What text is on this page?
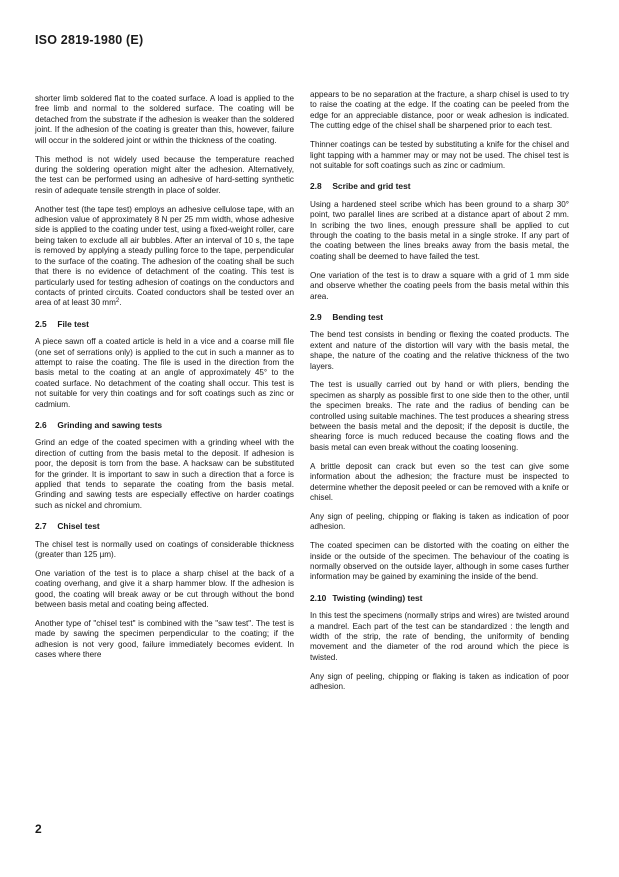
ISO 2819-1980 (E)

shorter limb soldered flat to the coated surface. A load is applied to the free limb and normal to the soldered surface. The coating will be detached from the substrate if the adhesion is weaker than the soldered joint. If the adhesion of the coating is greater than this, however, failure will occur in the soldered joint or within the thickness of the coating.

This method is not widely used because the temperature reached during the soldering operation might alter the adhesion. Alternatively, the test can be performed using an adhesive of hard-setting synthetic resin of adequate tensile strength in place of solder.

Another test (the tape test) employs an adhesive cellulose tape, with an adhesion value of approximately 8 N per 25 mm width, whose adhesive side is applied to the coating under test, using a fixed-weight roller, care being taken to exclude all air bubbles. After an interval of 10 s, the tape is removed by applying a steady pulling force to the tape, perpendicular to the surface of the coating. The adhesion of the coating shall be such that there is no evidence of detachment of the coating. This test is particularly used for testing adhesion of coatings on the conductors and contacts of printed circuits. Coated conductors shall be tested over an area of at least 30 $mm^2$.

2.5 File test

A piece sawn off a coated article is held in a vice and a coarse mill file (one set of serrations only) is applied to the cut in such a manner as to attempt to raise the coating. The file is used in the direction from the basis metal to the coating at an angle of approximately 45° to the coated surface. No detachment of the coating shall occur. This test is not suitable for very thin coatings and for soft coatings such as zinc or cadmium.

2.6 Grinding and sawing tests

Grind an edge of the coated specimen with a grinding wheel with the direction of cutting from the basis metal to the deposit. If adhesion is poor, the deposit is torn from the base. A hacksaw can be substituted for the grinder. It is important to saw in such a direction that a force is applied that tends to separate the coating from the basis metal. Grinding and sawing tests are especially effective on harder coatings such as nickel and chromium.

2.7 Chisel test

The chisel test is normally used on coatings of considerable thickness (greater than 125 µm).

One variation of the test is to place a sharp chisel at the back of a coating overhang, and give it a sharp hammer blow. If the adhesion is good, the coating will break away or be cut through without the bond between basis metal and coating being affected.

Another type of "chisel test" is combined with the "saw test". The test is made by sawing the specimen perpendicular to the coating; if the adhesion is not very good, failure immediately becomes evident. In cases where there

appears to be no separation at the fracture, a sharp chisel is used to try to raise the coating at the edge. If the coating can be peeled from the edge for an appreciable distance, poor or weak adhesion is indicated. The cutting edge of the chisel shall be sharpened prior to each test.

Thinner coatings can be tested by substituting a knife for the chisel and light tapping with a hammer may or may not be used. The chisel test is not suitable for soft coatings such as zinc or cadmium.

2.8 Scribe and grid test

Using a hardened steel scribe which has been ground to a sharp 30° point, two parallel lines are scribed at a distance apart of about 2 mm. In scribing the two lines, enough pressure shall be applied to cut through the coating to the basis metal in a single stroke. If any part of the coating between the lines breaks away from the basis metal, the coating shall be deemed to have failed the test.

One variation of the test is to draw a square with a grid of 1 mm side and observe whether the coating peels from the basis metal within this area.

2.9 Bending test

The bend test consists in bending or flexing the coated products. The extent and nature of the distortion will vary with the basis metal, the shape, the nature of the coating and the relative thickness of the two layers.

The test is usually carried out by hand or with pliers, bending the specimen as sharply as possible first to one side then to the other, until the specimen breaks. The rate and the radius of bending can be controlled using suitable machines. The test produces a shearing stress between the basis metal and the deposit; if the deposit is ductile, the shearing force is much reduced because the coating flows and the basis metal can even break without the coating loosening.

A brittle deposit can crack but even so the test can give some information about the adhesion; the fracture must be inspected to determine whether the deposit peeled or can be removed with a knife or chisel.

Any sign of peeling, chipping or flaking is taken as indication of poor adhesion.

The coated specimen can be distorted with the coating on either the inside or the outside of the specimen. The behaviour of the coating is normally observed on the outside layer, although in some cases further information may be gained by examining the inside of the bend.

2.10 Twisting (winding) test

In this test the specimens (normally strips and wires) are twisted around a mandrel. Each part of the test can be standardized : the length and width of the strip, the rate of bending, the uniformity of bending movement and the diameter of the rod around which the piece is twisted.

Any sign of peeling, chipping or flaking is taken as indication of poor adhesion.

2
